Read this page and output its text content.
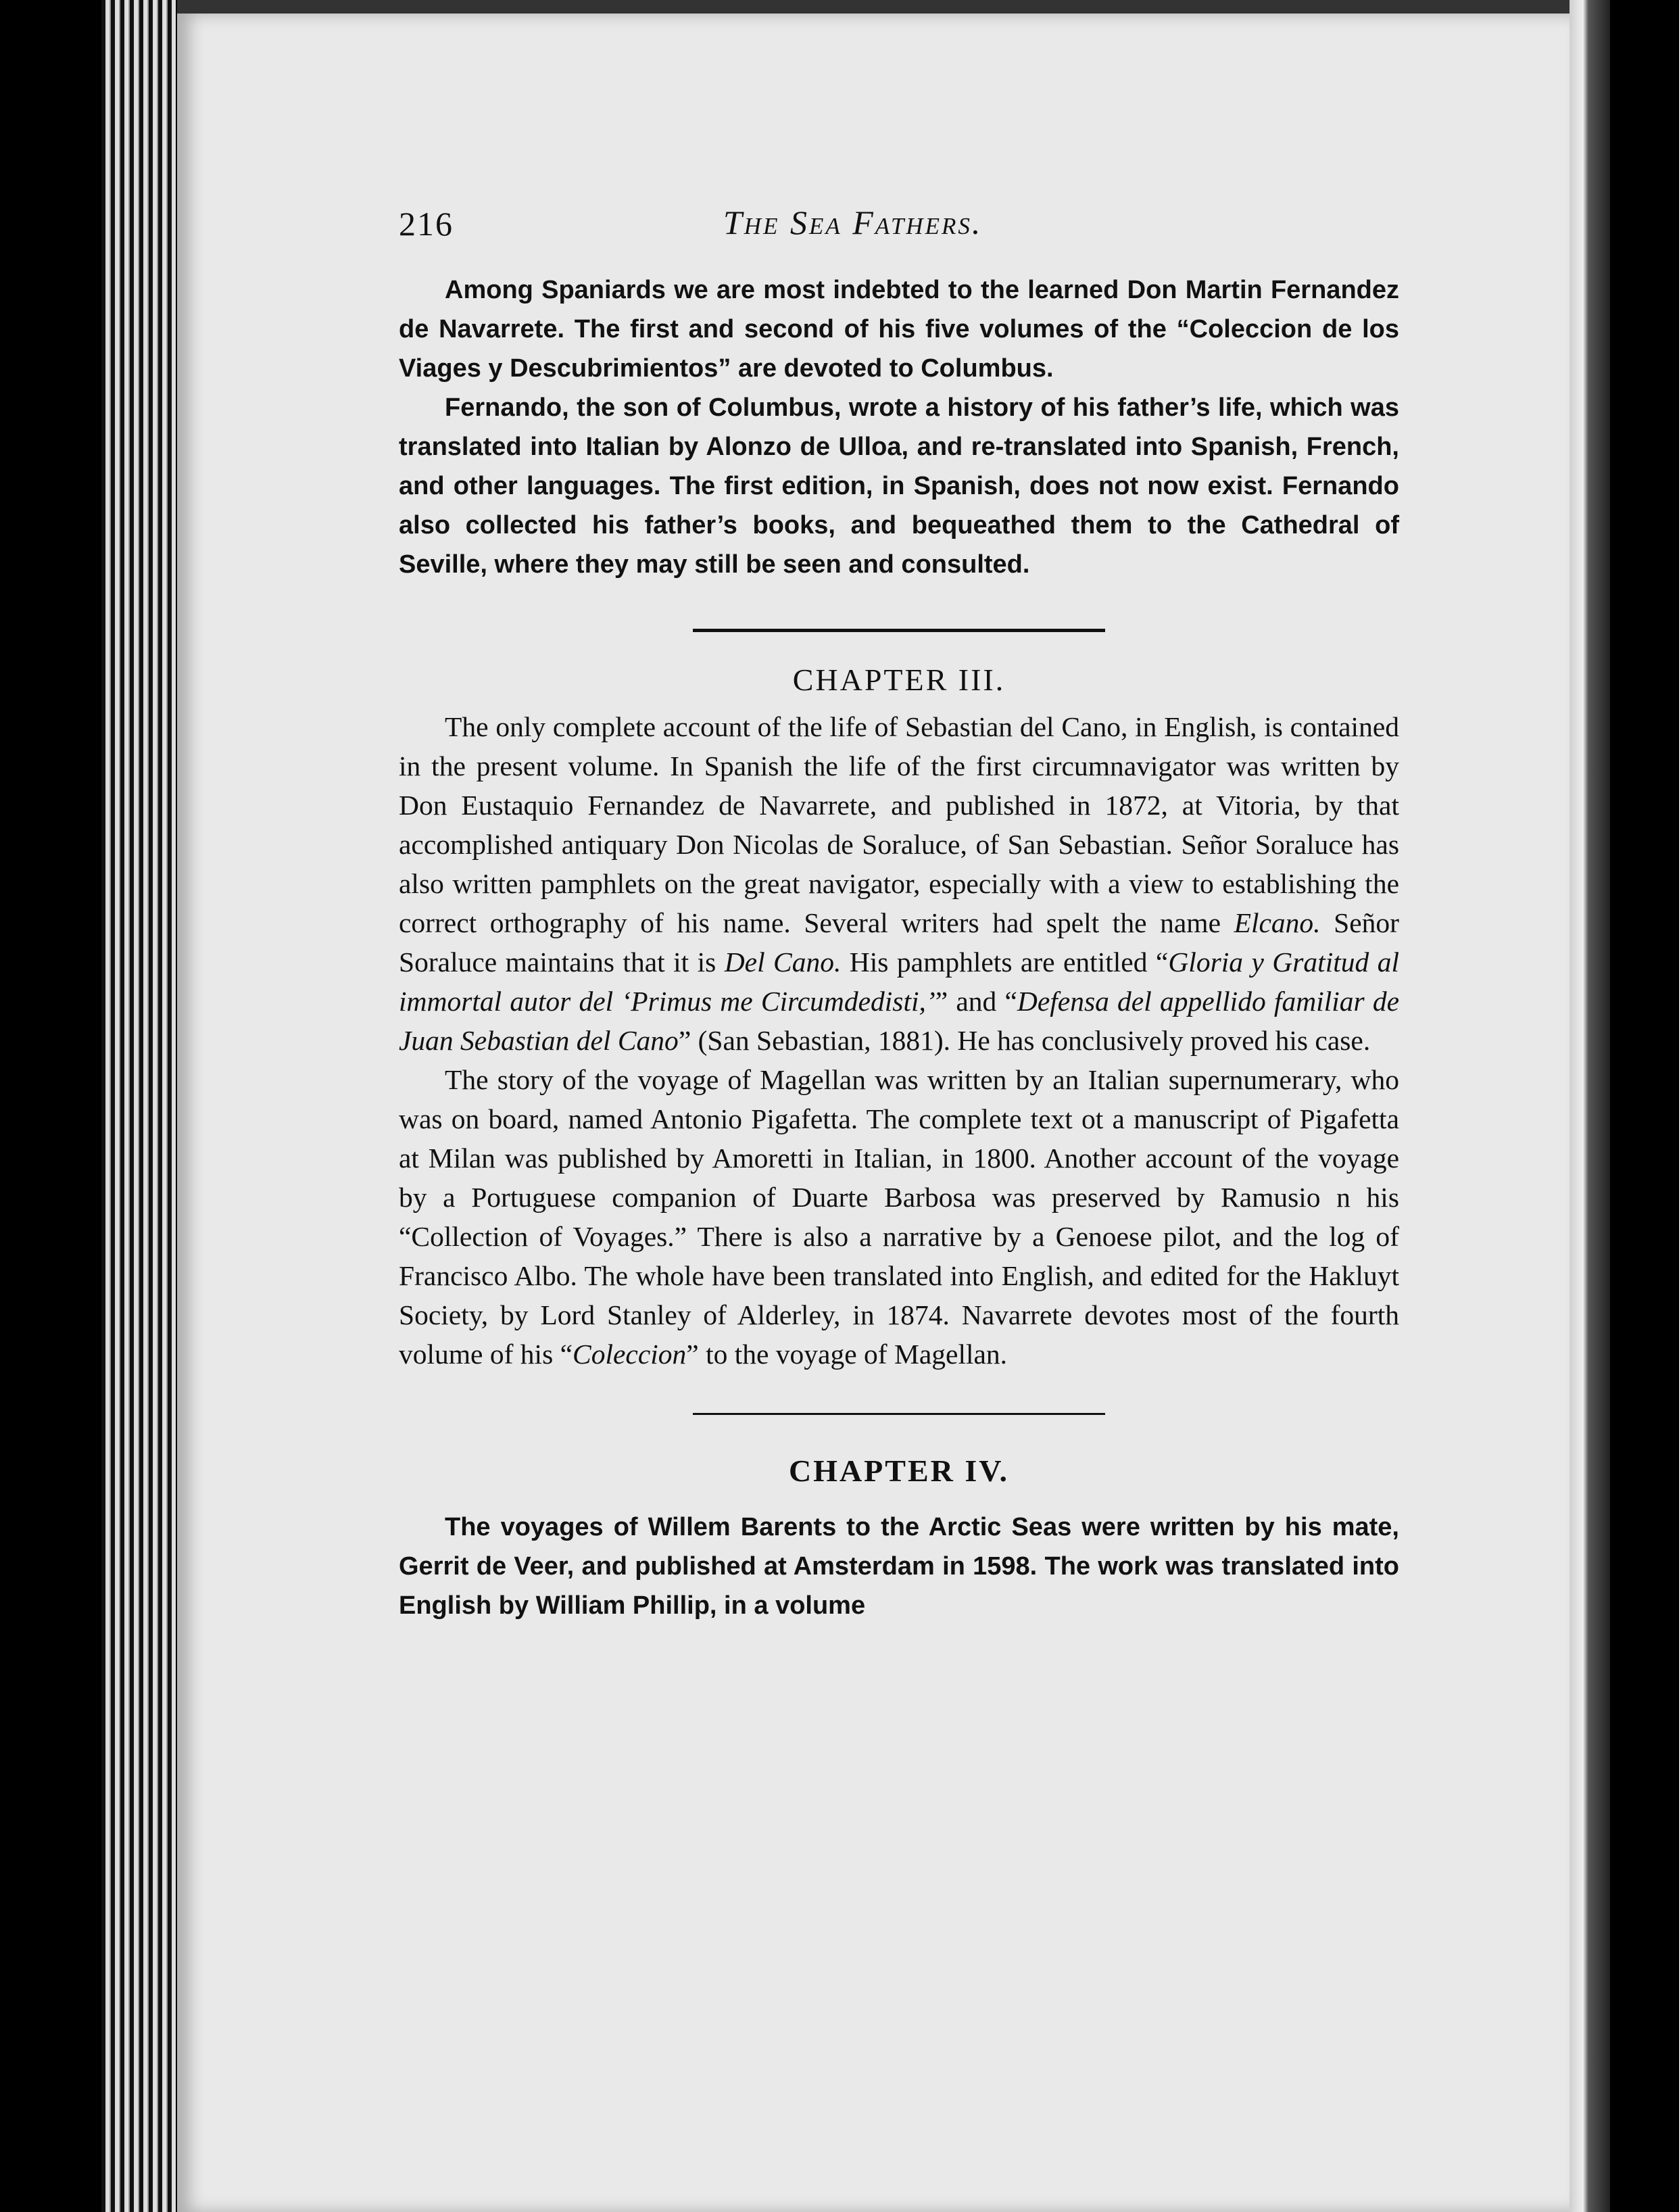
216	The Sea Fathers.

Among Spaniards we are most indebted to the learned Don Martin Fernandez de Navarrete. The first and second of his five volumes of the “Coleccion de los Viages y Descubrimientos” are devoted to Columbus.

Fernando, the son of Columbus, wrote a history of his father’s life, which was translated into Italian by Alonzo de Ulloa, and re-translated into Spanish, French, and other languages. The first edition, in Spanish, does not now exist. Fernando also collected his father’s books, and bequeathed them to the Cathedral of Seville, where they may still be seen and consulted.

CHAPTER III.

The only complete account of the life of Sebastian del Cano, in English, is contained in the present volume. In Spanish the life of the first circumnavigator was written by Don Eustaquio Fernandez de Navarrete, and published in 1872, at Vitoria, by that accomplished antiquary Don Nicolas de Soraluce, of San Sebastian. Señor Soraluce has also written pamphlets on the great navigator, especially with a view to establishing the correct orthography of his name. Several writers had spelt the name Elcano. Señor Soraluce maintains that it is Del Cano. His pamphlets are entitled “Gloria y Gratitud al immortal autor del ‘Primus me Circumdedisti,’” and “Defensa del appellido familiar de Juan Sebastian del Cano” (San Sebastian, 1881). He has conclusively proved his case.

The story of the voyage of Magellan was written by an Italian supernumerary, who was on board, named Antonio Pigafetta. The complete text ot a manuscript of Pigafetta at Milan was published by Amoretti in Italian, in 1800. Another account of the voyage by a Portuguese companion of Duarte Barbosa was preserved by Ramusio n his “Collection of Voyages.” There is also a narrative by a Genoese pilot, and the log of Francisco Albo. The whole have been translated into English, and edited for the Hakluyt Society, by Lord Stanley of Alderley, in 1874. Navarrete devotes most of the fourth volume of his “Coleccion” to the voyage of Magellan.

CHAPTER IV.

The voyages of Willem Barents to the Arctic Seas were written by his mate, Gerrit de Veer, and published at Amsterdam in 1598. The work was translated into English by William Phillip, in a volume
